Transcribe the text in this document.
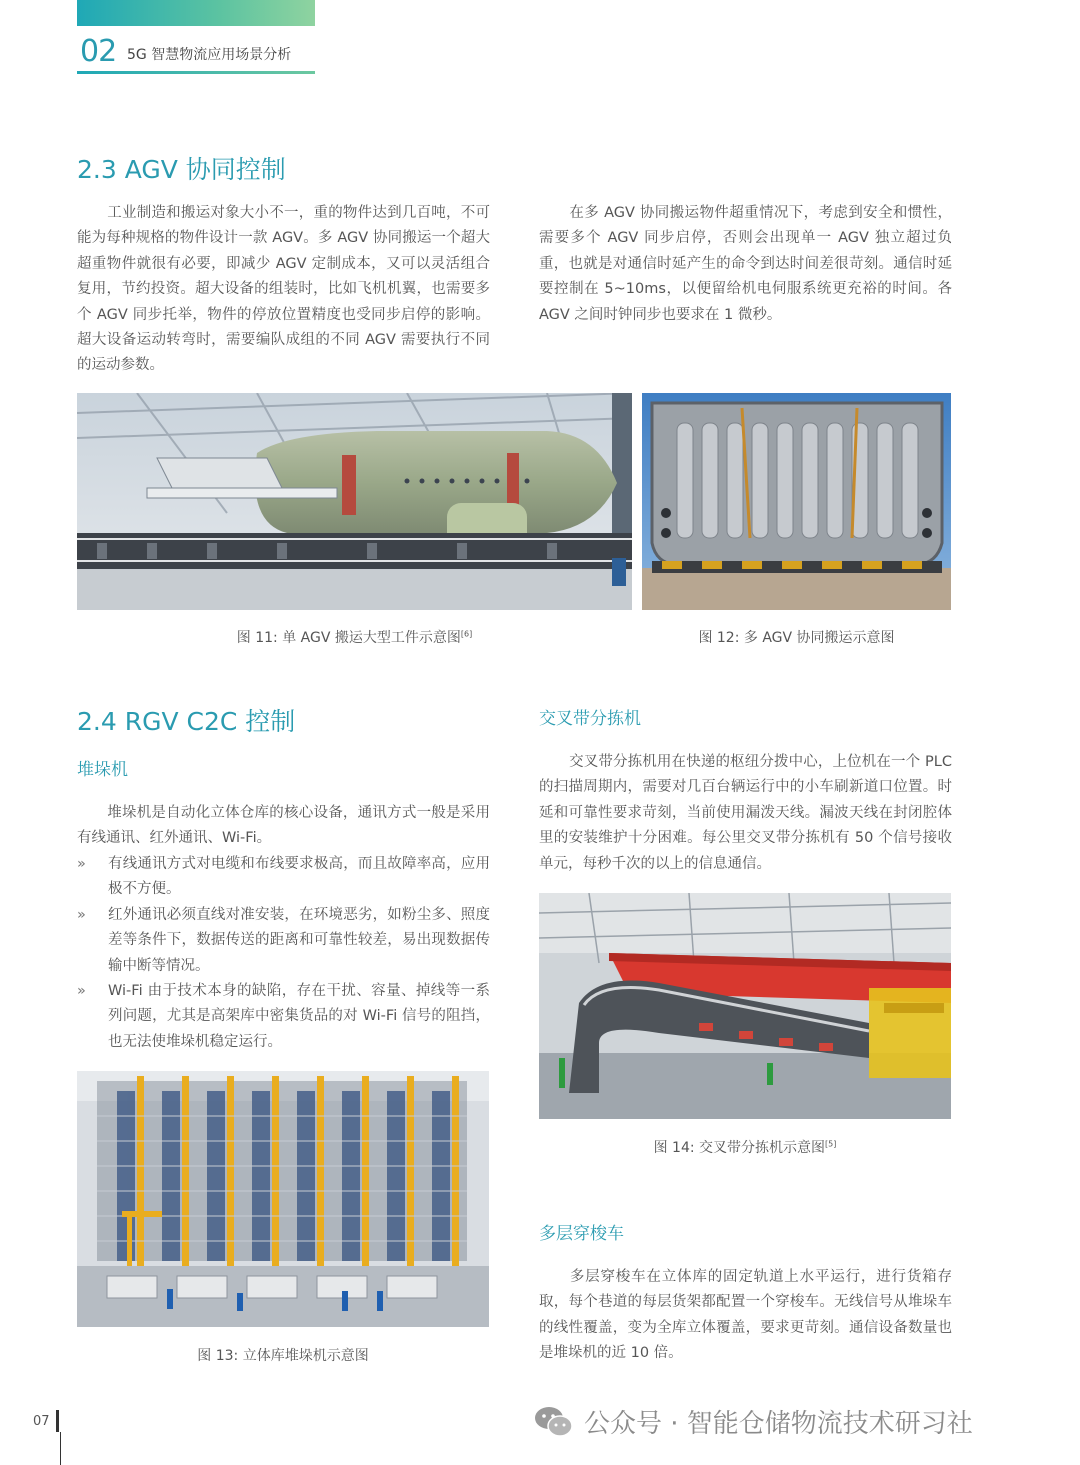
02 5G 智慧物流应用场景分析
2.3 AGV 协同控制

工业制造和搬运对象大小不一，重的物件达到几百吨，不可能为每种规格的物件设计一款 AGV。多 AGV 协同搬运一个超大超重物件就很有必要，即减少 AGV 定制成本，又可以灵活组合复用，节约投资。超大设备的组装时，比如飞机机翼，也需要多个 AGV 同步托举，物件的停放位置精度也受同步启停的影响。超大设备运动转弯时，需要编队成组的不同 AGV 需要执行不同的运动参数。

在多 AGV 协同搬运物件超重情况下，考虑到安全和惯性，需要多个 AGV 同步启停，否则会出现单一 AGV 独立超过负重，也就是对通信时延产生的命令到达时间差很苛刻。通信时延要控制在 5~10ms，以便留给机电伺服系统更充裕的时间。各 AGV 之间时钟同步也要求在 1 微秒。

图 11: 单 AGV 搬运大型工件示意图[6]	图 12: 多 AGV 协同搬运示意图
2.4 RGV C2C 控制
堆垛机

堆垛机是自动化立体仓库的核心设备，通讯方式一般是采用有线通讯、红外通讯、Wi-Fi。

»	有线通讯方式对电缆和布线要求极高，而且故障率高，应用极不方便。
»	红外通讯必须直线对准安装，在环境恶劣，如粉尘多、照度差等条件下，数据传送的距离和可靠性较差，易出现数据传输中断等情况。
»	Wi-Fi 由于技术本身的缺陷，存在干扰、容量、掉线等一系列问题，尤其是高架库中密集货品的对 Wi-Fi 信号的阻挡，也无法使堆垛机稳定运行。
图 13: 立体库堆垛机示意图
交叉带分拣机

交叉带分拣机用在快递的枢纽分拨中心，上位机在一个 PLC 的扫描周期内，需要对几百台辆运行中的小车刷新道口位置。时延和可靠性要求苛刻，当前使用漏泼天线。漏波天线在封闭腔体里的安装维护十分困难。每公里交叉带分拣机有 50 个信号接收单元，每秒千次的以上的信息通信。

图 14: 交叉带分拣机示意图[5]
多层穿梭车

多层穿梭车在立体库的固定轨道上水平运行，进行货箱存取，每个巷道的每层货架都配置一个穿梭车。无线信号从堆垛车的线性覆盖，变为全库立体覆盖，要求更苛刻。通信设备数量也是堆垛机的近 10 倍。

07	公众号 · 智能仓储物流技术研习社
